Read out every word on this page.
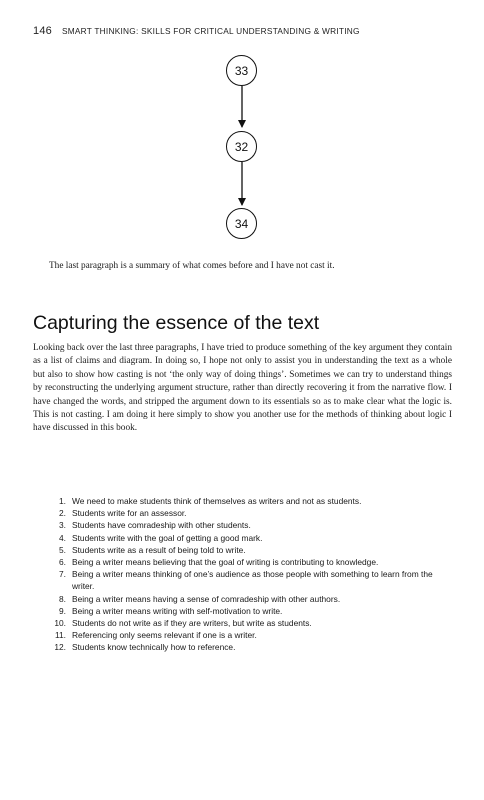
146 SMART THINKING: SKILLS FOR CRITICAL UNDERSTANDING & WRITING
33
32
34

The last paragraph is a summary of what comes before and I have not cast it.

Capturing the essence of the text

Looking back over the last three paragraphs, I have tried to produce something of the key argument they contain as a list of claims and diagram. In doing so, I hope not only to assist you in understanding the text as a whole but also to show how casting is not ‘the only way of doing things’. Sometimes we can try to understand things by reconstructing the underlying argument structure, rather than directly recovering it from the narrative flow. I have changed the words, and stripped the argument down to its essentials so as to make clear what the logic is. This is not casting. I am doing it here simply to show you another use for the methods of thinking about logic I have discussed in this book.

1. We need to make students think of themselves as writers and not as students.
2. Students write for an assessor.
3. Students have comradeship with other students.
4. Students write with the goal of getting a good mark.
5. Students write as a result of being told to write.
6. Being a writer means believing that the goal of writing is contributing to knowledge.
7. Being a writer means thinking of one’s audience as those people with something to learn from the writer.
8. Being a writer means having a sense of comradeship with other authors.
9. Being a writer means writing with self-motivation to write.
10. Students do not write as if they are writers, but write as students.
11. Referencing only seems relevant if one is a writer.
12. Students know technically how to reference.
